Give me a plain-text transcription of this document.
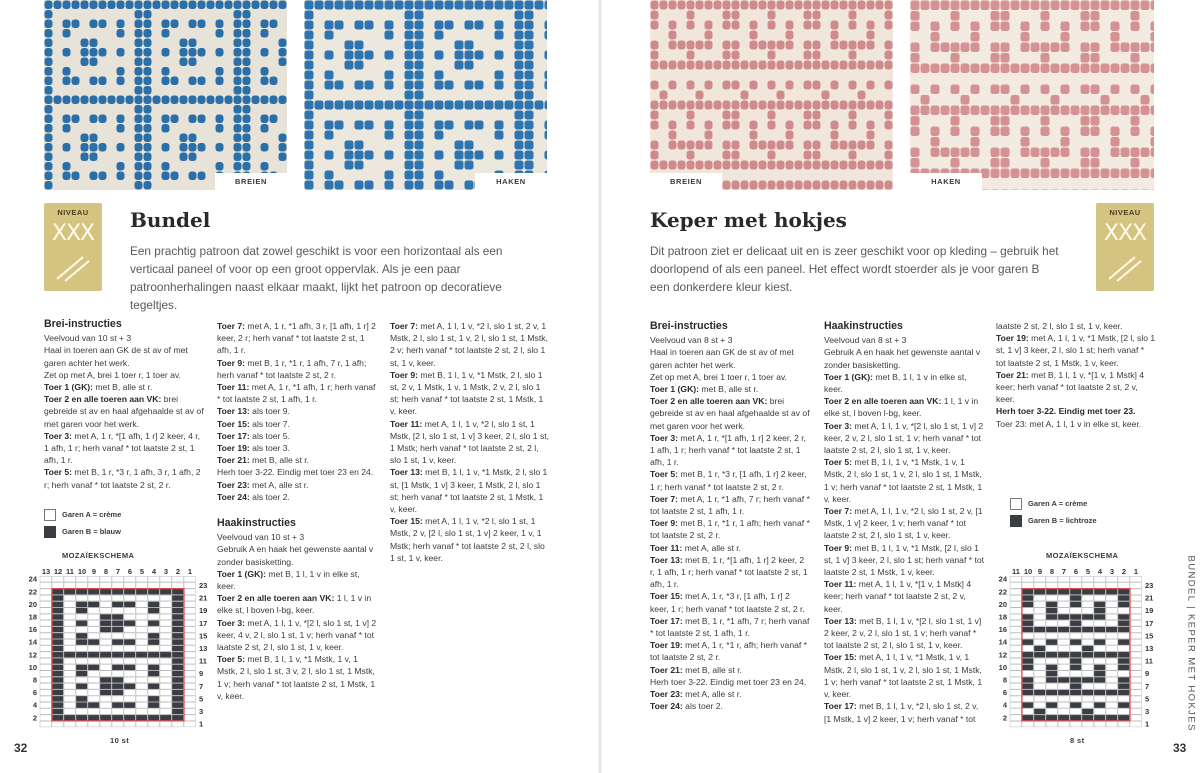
BREIEN	HAKEN
NIVEAU
XXX
Bundel
Een prachtig patroon dat zowel geschikt is voor een horizontaal als een verticaal paneel of voor op een groot oppervlak. Als je een paar patroonherhalingen naast elkaar maakt, lijkt het patroon op decoratieve tegeltjes.
Brei-instructies

Veelvoud van 10 st + 3

Haal in toeren aan GK de st av of met garen achter het werk.

Zet op met A, brei 1 toer r, 1 toer av.

Toer 1 (GK): met B, alle st r.

Toer 2 en alle toeren aan VK: brei gebreide st av en haal afgehaalde st av of met garen voor het werk.

Toer 3: met A, 1 r, *[1 afh, 1 r] 2 keer, 4 r, 1 afh, 1 r; herh vanaf * tot laatste 2 st, 1 afh, 1 r.

Toer 5: met B, 1 r, *3 r, 1 afh, 3 r, 1 afh, 2 r; herh vanaf * tot laatste 2 st, 2 r.

Garen A = crème
Garen B = blauw
MOZAÏEKSCHEMA
13 12 11 10 9 8 7 6 5 4 3 2 1
24
23
22
21
20
19
18
17
16
15
14
13
12
11
10
9
8
7
6
5
4
3
2
1
10 st

Toer 7: met A, 1 r, *1 afh, 3 r, [1 afh, 1 r] 2 keer, 2 r; herh vanaf * tot laatste 2 st, 1 afh, 1 r.

Toer 9: met B, 1 r, *1 r, 1 afh, 7 r, 1 afh; herh vanaf * tot laatste 2 st, 2 r.

Toer 11: met A, 1 r, *1 afh, 1 r; herh vanaf * tot laatste 2 st, 1 afh, 1 r.

Toer 13: als toer 9.

Toer 15: als toer 7.

Toer 17: als toer 5.

Toer 19: als toer 3.

Toer 21: met B, alle st r.

Herh toer 3-22. Eindig met toer 23 en 24.

Toer 23: met A, alle st r.

Toer 24: als toer 2.

Haakinstructies

Veelvoud van 10 st + 3

Gebruik A en haak het gewenste aantal v zonder basisketting.

Toer 1 (GK): met B, 1 l, 1 v in elke st, keer.

Toer 2 en alle toeren aan VK: 1 l, 1 v in elke st, l boven l-bg, keer.

Toer 3: met A, 1 l, 1 v, *[2 l, slo 1 st, 1 v] 2 keer, 4 v, 2 l, slo 1 st, 1 v; herh vanaf * tot laatste 2 st, 2 l, slo 1 st, 1 v, keer.

Toer 5: met B, 1 l, 1 v, *1 Mstk, 1 v, 1 Mstk, 2 l, slo 1 st, 3 v, 2 l, slo 1 st, 1 Mstk, 1 v; herh vanaf * tot laatste 2 st, 1 Mstk, 1 v, keer.

Toer 7: met A, 1 l, 1 v, *2 l, slo 1 st, 2 v, 1 Mstk, 2 l, slo 1 st, 1 v, 2 l, slo 1 st, 1 Mstk, 2 v; herh vanaf * tot laatste 2 st, 2 l, slo 1 st, 1 v, keer.

Toer 9: met B, 1 l, 1 v, *1 Mstk, 2 l, slo 1 st, 2 v, 1 Mstk, 1 v, 1 Mstk, 2 v, 2 l, slo 1 st; herh vanaf * tot laatste 2 st, 1 Mstk, 1 v, keer.

Toer 11: met A, 1 l, 1 v, *2 l, slo 1 st, 1 Mstk, [2 l, slo 1 st, 1 v] 3 keer, 2 l, slo 1 st, 1 Mstk; herh vanaf * tot laatste 2 st, 2 l, slo 1 st, 1 v, keer.

Toer 13: met B, 1 l, 1 v, *1 Mstk, 2 l, slo 1 st, [1 Mstk, 1 v] 3 keer, 1 Mstk, 2 l, slo 1 st; herh vanaf * tot laatste 2 st, 1 Mstk, 1 v, keer.

Toer 15: met A, 1 l, 1 v, *2 l, slo 1 st, 1 Mstk, 2 v, [2 l, slo 1 st, 1 v] 2 keer, 1 v, 1 Mstk; herh vanaf * tot laatste 2 st, 2 l, slo 1 st, 1 v, keer.

32
BREIEN	HAKEN
NIVEAU
XXX
Keper met hokjes
Dit patroon ziet er delicaat uit en is zeer geschikt voor op kleding – gebruik het doorlopend of als een paneel. Het effect wordt stoerder als je voor garen B een donkerdere kleur kiest.
Brei-instructies

Veelvoud van 8 st + 3

Haal in toeren aan GK de st av of met garen achter het werk.

Zet op met A, brei 1 toer r, 1 toer av.

Toer 1 (GK): met B, alle st r.

Toer 2 en alle toeren aan VK: brei gebreide st av en haal afgehaalde st av of met garen voor het werk.

Toer 3: met A, 1 r, *[1 afh, 1 r] 2 keer, 2 r, 1 afh, 1 r; herh vanaf * tot laatste 2 st, 1 afh, 1 r.

Toer 5: met B, 1 r, *3 r, [1 afh, 1 r] 2 keer, 1 r; herh vanaf * tot laatste 2 st, 2 r.

Toer 7: met A, 1 r, *1 afh, 7 r; herh vanaf * tot laatste 2 st, 1 afh, 1 r.

Toer 9: met B, 1 r, *1 r, 1 afh; herh vanaf * tot laatste 2 st, 2 r.

Toer 11: met A, alle st r.

Toer 13: met B, 1 r, *[1 afh, 1 r] 2 keer, 2 r, 1 afh, 1 r; herh vanaf * tot laatste 2 st, 1 afh, 1 r.

Toer 15: met A, 1 r, *3 r, [1 afh, 1 r] 2 keer, 1 r; herh vanaf * tot laatste 2 st, 2 r.

Toer 17: met B, 1 r, *1 afh, 7 r; herh vanaf * tot laatste 2 st, 1 afh, 1 r.

Toer 19: met A, 1 r, *1 r, afh; herh vanaf * tot laatste 2 st, 2 r.

Toer 21: met B, alle st r.

Herh toer 3-22. Eindig met toer 23 en 24.

Toer 23: met A, alle st r.

Toer 24: als toer 2.

Haakinstructies

Veelvoud van 8 st + 3

Gebruik A en haak het gewenste aantal v zonder basisketting.

Toer 1 (GK): met B, 1 l, 1 v in elke st, keer.

Toer 2 en alle toeren aan VK: 1 l, 1 v in elke st, l boven l-bg, keer.

Toer 3: met A, 1 l, 1 v, *[2 l, slo 1 st, 1 v] 2 keer, 2 v, 2 l, slo 1 st, 1 v; herh vanaf * tot laatste 2 st, 2 l, slo 1 st, 1 v, keer.

Toer 5: met B, 1 l, 1 v, *1 Mstk, 1 v, 1 Mstk, 2 l, slo 1 st, 1 v, 2 l, slo 1 st, 1 Mstk, 1 v; herh vanaf * tot laatste 2 st, 1 Mstk, 1 v, keer.

Toer 7: met A, 1 l, 1 v, *2 l, slo 1 st, 2 v, [1 Mstk, 1 v] 2 keer, 1 v; herh vanaf * tot laatste 2 st, 2 l, slo 1 st, 1 v, keer.

Toer 9: met B, 1 l, 1 v, *1 Mstk, [2 l, slo 1 st, 1 v] 3 keer, 2 l, slo 1 st; herh vanaf * tot laatste 2 st, 1 Mstk, 1 v, keer.

Toer 11: met A, 1 l, 1 v, *[1 v, 1 Mstk] 4 keer; herh vanaf * tot laatste 2 st, 2 v, keer.

Toer 13: met B, 1 l, 1 v, *[2 l, slo 1 st, 1 v] 2 keer, 2 v, 2 l, slo 1 st, 1 v; herh vanaf * tot laatste 2 st, 2 l, slo 1 st, 1 v, keer.

Toer 15: met A, 1 l, 1 v, *1 Mstk, 1 v, 1 Mstk, 2 l, slo 1 st, 1 v, 2 l, slo 1 st, 1 Mstk, 1 v; herh vanaf * tot laatste 2 st, 1 Mstk, 1 v, keer.

Toer 17: met B, 1 l, 1 v, *2 l, slo 1 st, 2 v, [1 Mstk, 1 v] 2 keer, 1 v; herh vanaf * tot

laatste 2 st, 2 l, slo 1 st, 1 v, keer.

Toer 19: met A, 1 l, 1 v, *1 Mstk, [2 l, slo 1 st, 1 v] 3 keer, 2 l, slo 1 st; herh vanaf * tot laatste 2 st, 1 Mstk, 1 v, keer.

Toer 21: met B, 1 l, 1 v, *[1 v, 1 Mstk] 4 keer; herh vanaf * tot laatste 2 st, 2 v, keer.

Herh toer 3-22. Eindig met toer 23.

Toer 23: met A, 1 l, 1 v in elke st, keer.

Garen A = crème
Garen B = lichtroze
MOZAÏEKSCHEMA
11 10 9 8 7 6 5 4 3 2 1
24
23
22
21
20
19
18
17
16
15
14
13
12
11
10
9
8
7
6
5
4
3
2
1
8 st
BUNDEL | KEPER MET HOKJES
33
